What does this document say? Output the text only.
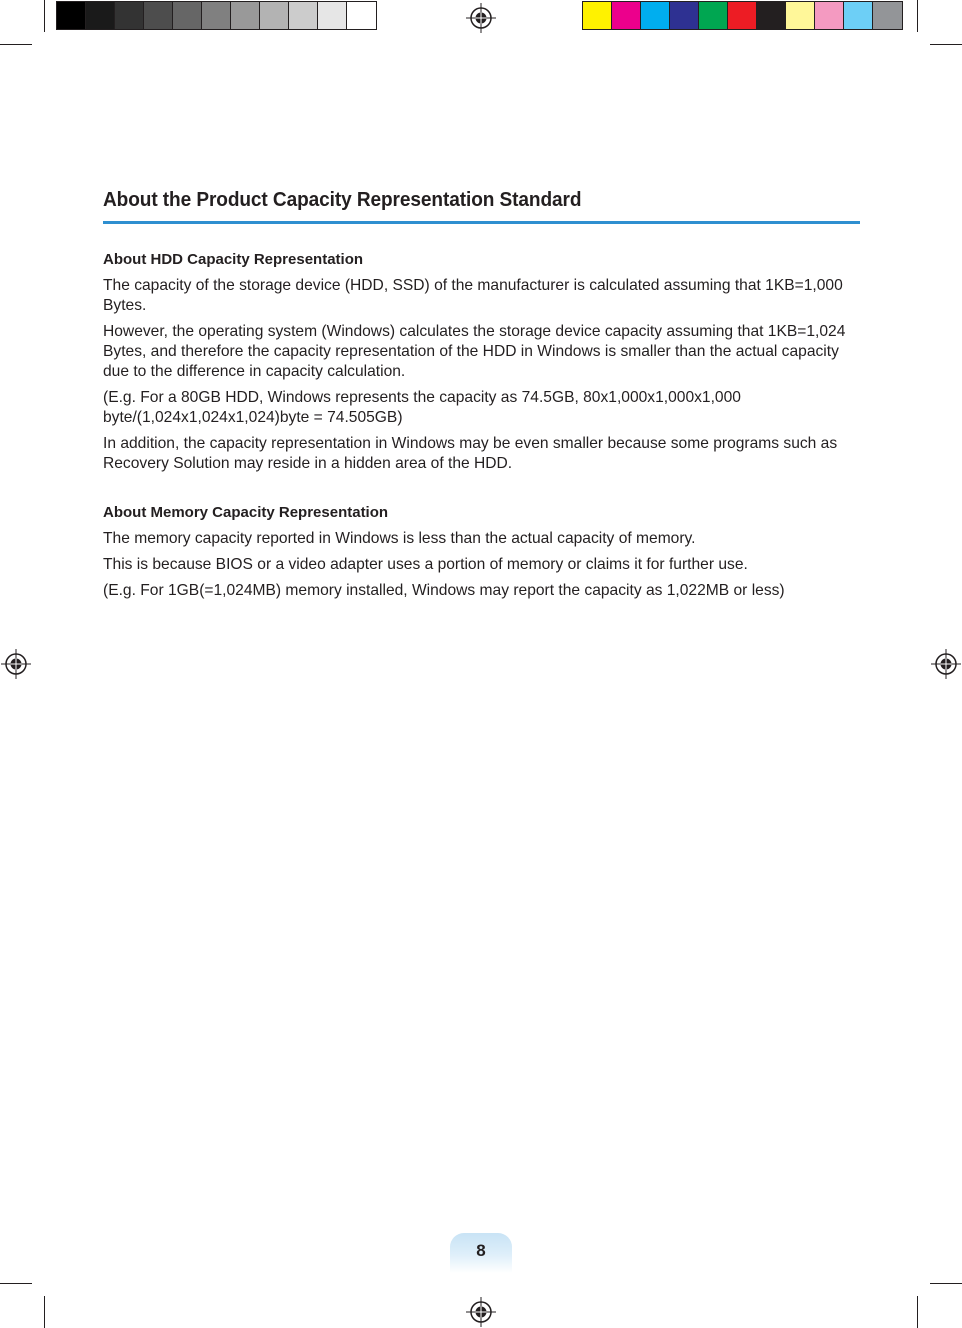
About the Product Capacity Representation Standard
About HDD Capacity Representation

The capacity of the storage device (HDD, SSD) of the manufacturer is calculated assuming that 1KB=1,000 Bytes.

However, the operating system (Windows) calculates the storage device capacity assuming that 1KB=1,024 Bytes, and therefore the capacity representation of the HDD in Windows is smaller than the actual capacity due to the difference in capacity calculation.

(E.g. For a 80GB HDD, Windows represents the capacity as 74.5GB, 80x1,000x1,000x1,000 byte/(1,024x1,024x1,024)byte = 74.505GB)

In addition, the capacity representation in Windows may be even smaller because some programs such as Recovery Solution may reside in a hidden area of the HDD.

About Memory Capacity Representation

The memory capacity reported in Windows is less than the actual capacity of memory.

This is because BIOS or a video adapter uses a portion of memory or claims it for further use.

(E.g. For 1GB(=1,024MB) memory installed, Windows may report the capacity as 1,022MB or less)

8
